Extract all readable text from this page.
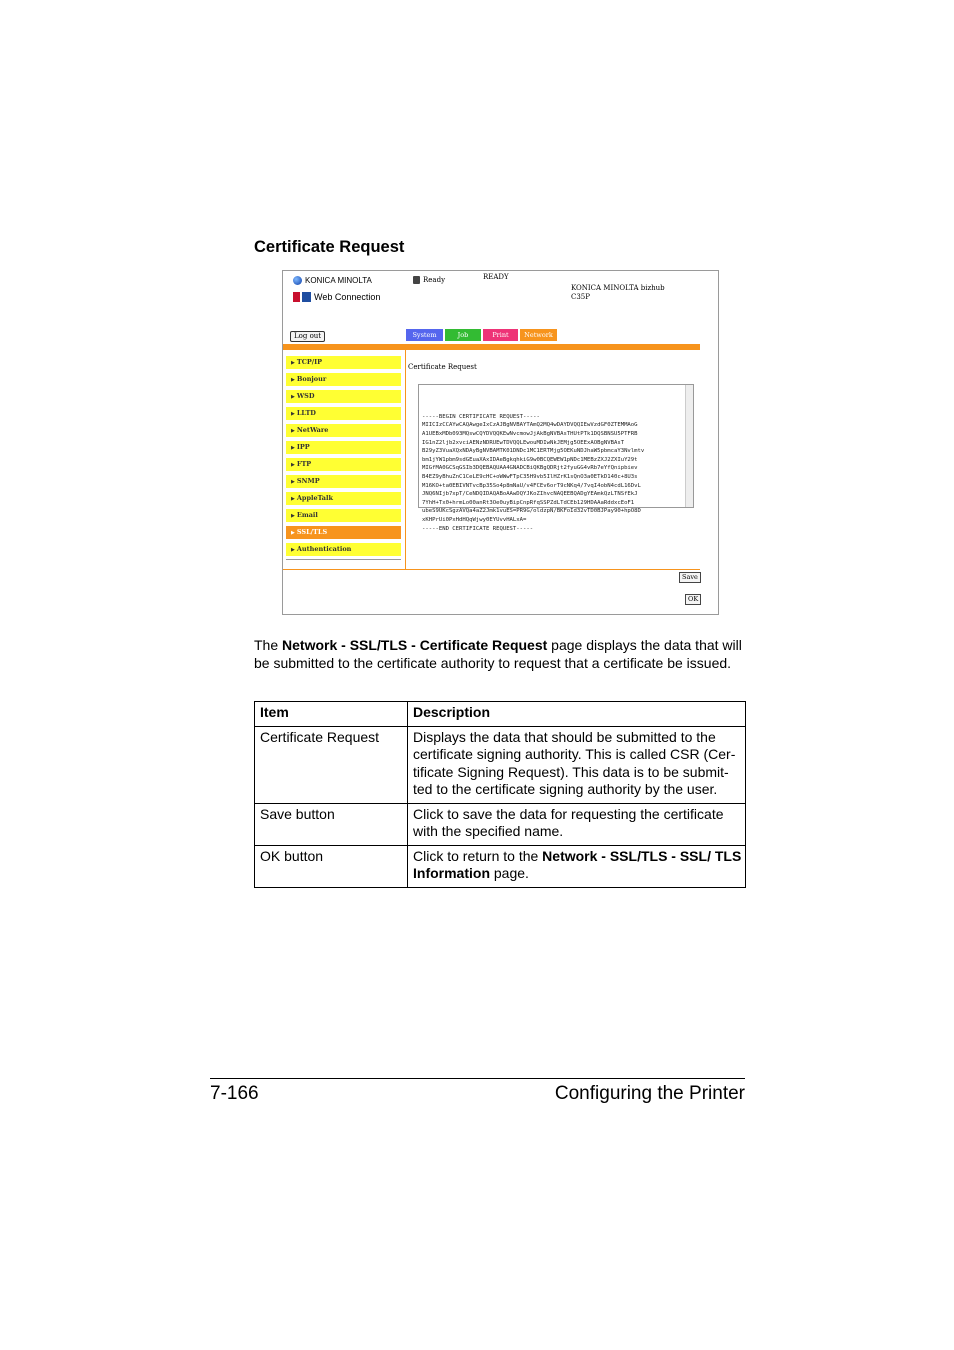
Certificate Request
KONICA MINOLTA
Web Connection
Ready	READY
KONICA MINOLTA bizhub
C35P
Log out	System	Job	Print	Network
▶ TCP/IP
▶ Bonjour
▶ WSD
▶ LLTD
▶ NetWare
▶ IPP
▶ FTP
▶ SNMP
▶ AppleTalk
▶ Email
▶ SSL/TLS
▶ Authentication
Certificate Request

-----BEGIN CERTIFICATE REQUEST-----
MIICIzCCAYwCAQAwgeIxCzAJBgNVBAYTAmQ2MQ4wDAYDVQQIEwVzdGF0ZTEMMAoG
A1UEBxMDb093MQswCQYDVQQKEwNvcmowJjAkBgNVBAsTHUtPTk1DQSBNSU5PTFRB
IG1nZ2ljb2xvciAENzNDRUEwTDVQQLEwouMDIwNkJEMjg5OEExAOBgNVBAsT
B29yZ3VuaXQxNDAyBgNVBAMTK01DNDc1MC1ERTMjg5OEKuNDJhaW5pbmcaY3Nvlmtv
bm1jYW1pbm9sdGEuaXAxIDAeBgkqhkiG9w0BCQEWEW1pNDc1MEBzZXJ2ZXIuY29t
MIGfMA0GCSqGSIb3DQEBAQUAA4GNADCBiQKBgQDRjt2fyuGG4vRb7eYfQnipbiev
B4EZ9yBhuZnC1CeLE9cHC+oWWwFTpC35H9vb5IlHZrK1sQnO3a0ETkD140c+8U3s
M16KO+ta0EBIVNTvcBp35So4p8mNaU/v4FCEv6orT9cNKq4/7vqI4obN4cdL16DvL
JNQ6NIjb7xpT/CeNDQIDAQABoAAwDQYJKoZIhvcNAQEEBQADgYEAmkQzLTNSfEkJ
7YhH+Tx0+hrmLo00anRt3Oe0uyBipCnpRfqSSPZdLTdCEb129HDAAaRddxcEoF1
ubeS9UKcSgzAVQa4aZ2Jmk1vuES=PR9G/oldzpN/BKFoId32vTD0BJPay90+hpO8D
xKHPrUi0PxHdHQqWjwy0EYUvvHALxA=
-----END CERTIFICATE REQUEST-----
Save
OK
The Network - SSL/TLS - Certificate Request page displays the data that will be submitted to the certificate authority to request that a certificate be issued.
Item	Description
Certificate Request	Displays the data that should be submitted to the certificate signing authority. This is called CSR (Cer-tificate Signing Request). This data is to be submit-ted to the certificate signing authority by the user.
Save button	Click to save the data for requesting the certificate with the specified name.
OK button	Click to return to the Network - SSL/TLS - SSL/ TLS Information page.
7-166	Configuring the Printer
